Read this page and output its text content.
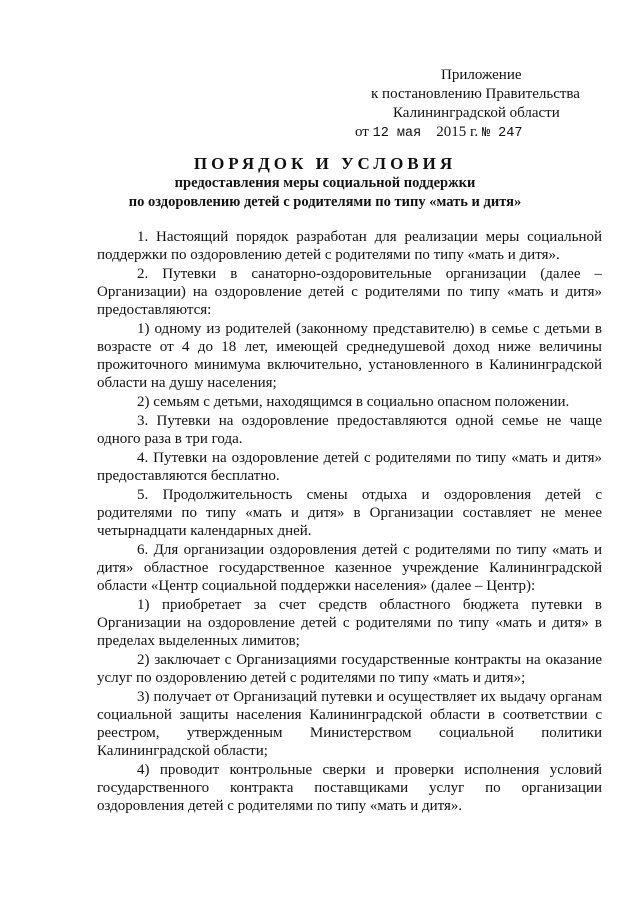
Приложение
к постановлению Правительства
Калининградской области
от 12 мая 2015 г. № 247
ПОРЯДОК И УСЛОВИЯ
предоставления меры социальной поддержки
по оздоровлению детей с родителями по типу «мать и дитя»

1. Настоящий порядок разработан для реализации меры социальной поддержки по оздоровлению детей с родителями по типу «мать и дитя».

2. Путевки в санаторно-оздоровительные организации (далее – Организации) на оздоровление детей с родителями по типу «мать и дитя» предоставляются:

1) одному из родителей (законному представителю) в семье с детьми в возрасте от 4 до 18 лет, имеющей среднедушевой доход ниже величины прожиточного минимума включительно, установленного в Калининградской области на душу населения;

2) семьям с детьми, находящимся в социально опасном положении.

3. Путевки на оздоровление предоставляются одной семье не чаще одного раза в три года.

4. Путевки на оздоровление детей с родителями по типу «мать и дитя» предоставляются бесплатно.

5. Продолжительность смены отдыха и оздоровления детей с родителями по типу «мать и дитя» в Организации составляет не менее четырнадцати календарных дней.

6. Для организации оздоровления детей с родителями по типу «мать и дитя» областное государственное казенное учреждение Калининградской области «Центр социальной поддержки населения» (далее – Центр):

1) приобретает за счет средств областного бюджета путевки в Организации на оздоровление детей с родителями по типу «мать и дитя» в пределах выделенных лимитов;

2) заключает с Организациями государственные контракты на оказание услуг по оздоровлению детей с родителями по типу «мать и дитя»;

3) получает от Организаций путевки и осуществляет их выдачу органам социальной защиты населения Калининградской области в соответствии с реестром, утвержденным Министерством социальной политики Калининградской области;

4) проводит контрольные сверки и проверки исполнения условий государственного контракта поставщиками услуг по организации оздоровления детей с родителями по типу «мать и дитя».
